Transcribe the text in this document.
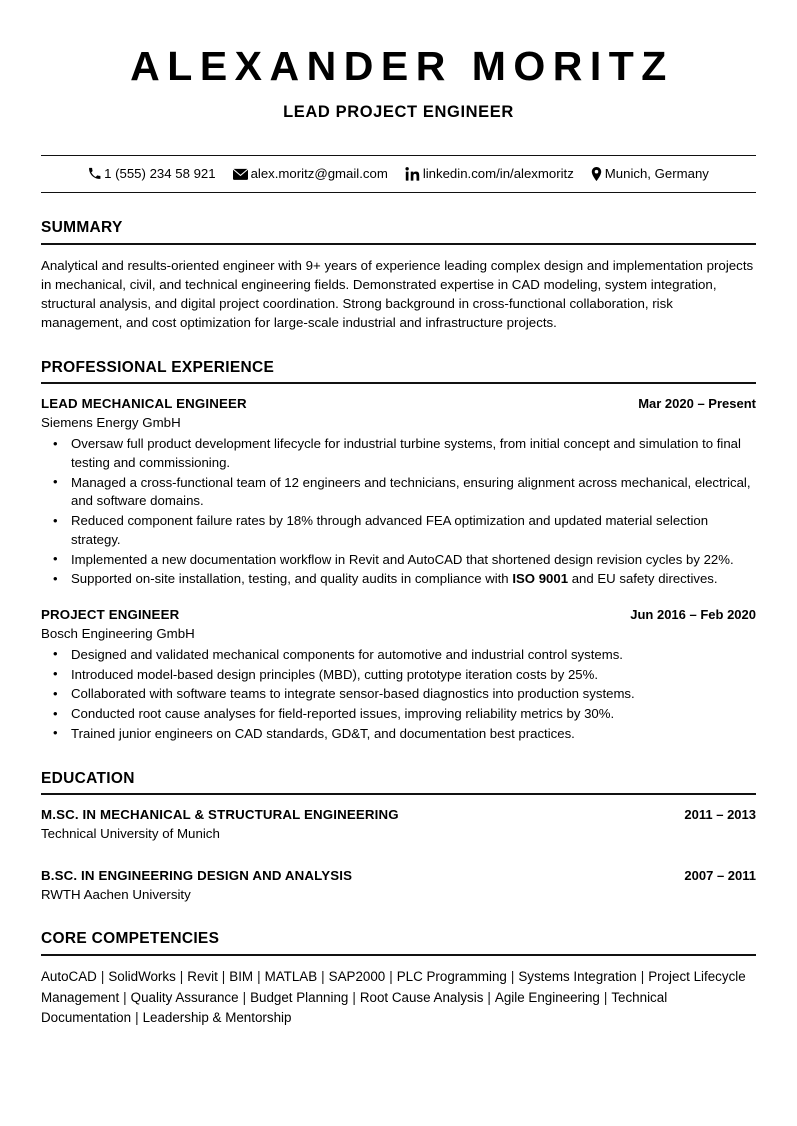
ALEXANDER MORITZ
LEAD PROJECT ENGINEER
1 (555) 234 58 921	alex.moritz@gmail.com	linkedin.com/in/alexmoritz Munich, Germany
SUMMARY
Analytical and results-oriented engineer with 9+ years of experience leading complex design and implementation projects in mechanical, civil, and technical engineering fields. Demonstrated expertise in CAD modeling, system integration, structural analysis, and digital project coordination. Strong background in cross-functional collaboration, risk management, and cost optimization for large-scale industrial and infrastructure projects.
PROFESSIONAL EXPERIENCE
LEAD MECHANICAL ENGINEER	Mar 2020 – Present
Siemens Energy GmbH
• Oversaw full product development lifecycle for industrial turbine systems, from initial concept and simulation to final testing and commissioning.
• Managed a cross-functional team of 12 engineers and technicians, ensuring alignment across mechanical, electrical, and software domains.
• Reduced component failure rates by 18% through advanced FEA optimization and updated material selection strategy.
• Implemented a new documentation workflow in Revit and AutoCAD that shortened design revision cycles by 22%.
• Supported on-site installation, testing, and quality audits in compliance with ISO 9001 and EU safety directives.
PROJECT ENGINEER	Jun 2016 – Feb 2020
Bosch Engineering GmbH
• Designed and validated mechanical components for automotive and industrial control systems.
• Introduced model-based design principles (MBD), cutting prototype iteration costs by 25%.
• Collaborated with software teams to integrate sensor-based diagnostics into production systems.
• Conducted root cause analyses for field-reported issues, improving reliability metrics by 30%.
• Trained junior engineers on CAD standards, GD&T, and documentation best practices.
EDUCATION
M.SC. IN MECHANICAL & STRUCTURAL ENGINEERING	2011 – 2013
Technical University of Munich
B.SC. IN ENGINEERING DESIGN AND ANALYSIS	2007 – 2011
RWTH Aachen University
CORE COMPETENCIES
AutoCAD | SolidWorks | Revit | BIM | MATLAB | SAP2000 | PLC Programming | Systems Integration | Project Lifecycle Management | Quality Assurance | Budget Planning | Root Cause Analysis | Agile Engineering | Technical Documentation | Leadership & Mentorship
